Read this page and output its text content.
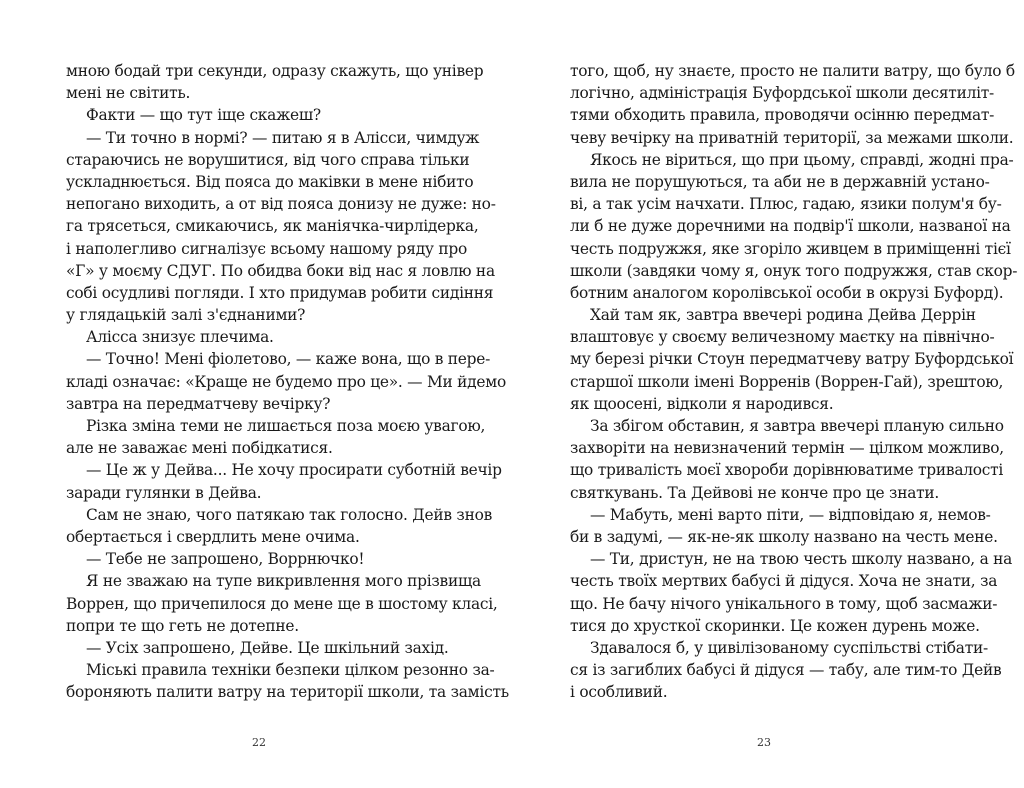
мною бодай три секунди, одразу скажуть, що універ
мені не світить.
Факти — що тут іще скажеш?
— Ти точно в нормі? — питаю я в Алісси, чимдуж
стараючись не ворушитися, від чого справа тільки
ускладнюється. Від пояса до маківки в мене нібито
непогано виходить, а от від пояса донизу не дуже: но-
га трясеться, смикаючись, як маніячка-чирлідерка,
і наполегливо сигналізує всьому нашому ряду про
«Г» у моєму СДУГ. По обидва боки від нас я ловлю на
собі осудливі погляди. І хто придумав робити сидіння
у глядацькій залі з'єднаними?
Алісса знизує плечима.
— Точно! Мені фіолетово, — каже вона, що в пере-
кладі означає: «Краще не будемо про це». — Ми йдемо
завтра на передматчеву вечірку?
Різка зміна теми не лишається поза моєю увагою,
але не заважає мені побідкатися.
— Це ж у Дейва... Не хочу просирати суботній вечір
заради гулянки в Дейва.
Сам не знаю, чого патякаю так голосно. Дейв знов
обертається і свердлить мене очима.
— Тебе не запрошено, Воррнючко!
Я не зважаю на тупе викривлення мого прізвища
Воррен, що причепилося до мене ще в шостому класі,
попри те що геть не дотепне.
— Усіх запрошено, Дейве. Це шкільний захід.
Міські правила техніки безпеки цілком резонно за-
бороняють палити ватру на території школи, та замість
того, щоб, ну знаєте, просто не палити ватру, що було б
логічно, адміністрація Буфордської школи десятиліт-
тями обходить правила, проводячи осінню передмат-
чеву вечірку на приватній території, за межами школи.
Якось не віриться, що при цьому, справді, жодні пра-
вила не порушуються, та аби не в державній устано-
ві, а так усім начхати. Плюс, гадаю, язики полум'я бу-
ли б не дуже доречними на подвір'ї школи, названої на
честь подружжя, яке згоріло живцем в приміщенні тієї
школи (завдяки чому я, онук того подружжя, став скор-
ботним аналогом королівської особи в окрузі Буфорд).
Хай там як, завтра ввечері родина Дейва Деррін
влаштовує у своєму величезному маєтку на північно-
му березі річки Стоун передматчеву ватру Буфордської
старшої школи імені Ворренів (Воррен-Гай), зрештою,
як щоосені, відколи я народився.
За збігом обставин, я завтра ввечері планую сильно
захворіти на невизначений термін — цілком можливо,
що тривалість моєї хвороби дорівнюватиме тривалості
святкувань. Та Дейвові не конче про це знати.
— Мабуть, мені варто піти, — відповідаю я, немов-
би в задумі, — як-не-як школу названо на честь мене.
— Ти, дристун, не на твою честь школу названо, а на
честь твоїх мертвих бабусі й дідуся. Хоча не знати, за
що. Не бачу нічого унікального в тому, щоб засмажи-
тися до хрусткої скоринки. Це кожен дурень може.
Здавалося б, у цивілізованому суспільстві стібати-
ся із загиблих бабусі й дідуся — табу, але тим-то Дейв
і особливий.
22	23
